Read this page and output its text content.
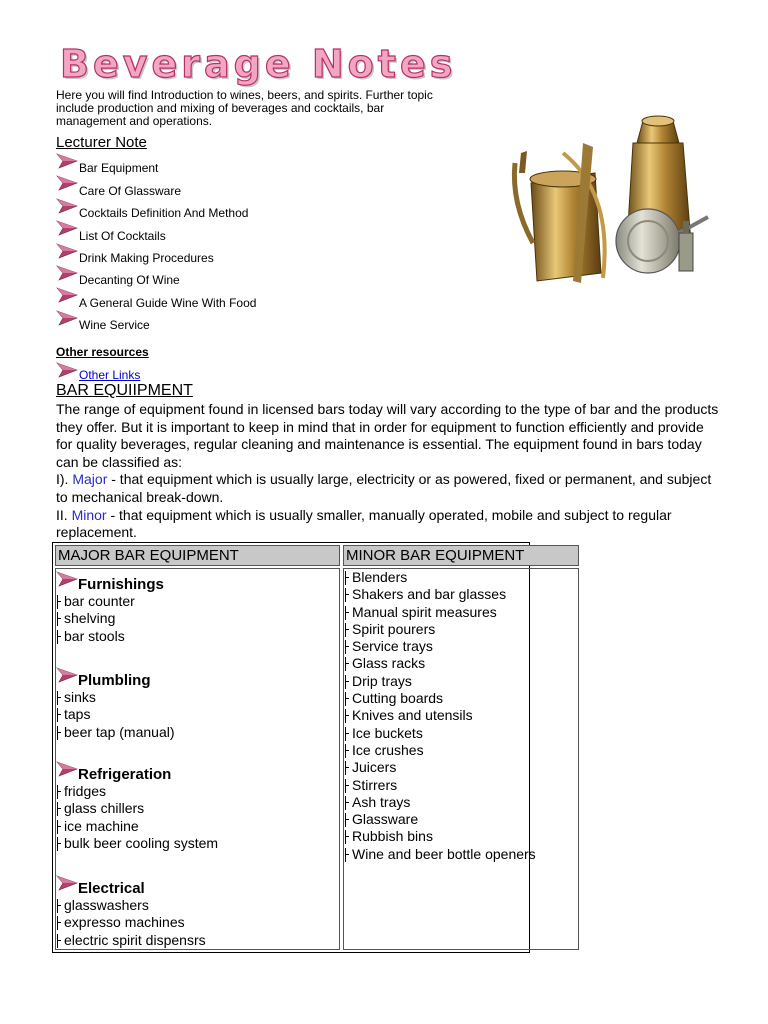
Beverage Notes

Here you will find Introduction to wines, beers, and spirits. Further topic include production and mixing of beverages and cocktails, bar management and operations.

Lecturer Note
Bar Equipment
Care Of Glassware
Cocktails Definition And Method
List Of Cocktails
Drink Making Procedures
Decanting Of Wine
A General Guide Wine With Food
Wine Service
Other resources
Other Links
BAR EQUIIPMENT
The range of equipment found in licensed bars today will vary according to the type of bar and the products they offer. But it is important to keep in mind that in order for equipment to function efficiently and provide for quality beverages, regular cleaning and maintenance is essential. The equipment found in bars today can be classified as:
I). Major - that equipment which is usually large, electricity or as powered, fixed or permanent, and subject to mechanical break-down.
II. Minor - that equipment which is usually smaller, manually operated, mobile and subject to regular replacement.
MAJOR BAR EQUIPMENT	MINOR BAR EQUIPMENT
Furnishings
bar counter
shelving
bar stools
Plumbling
sinks
taps
beer tap (manual)
Refrigeration
fridges
glass chillers
ice machine
bulk beer cooling system
Electrical
glasswashers
expresso machines
electric spirit dispensrs
Blenders
Shakers and bar glasses
Manual spirit measures
Spirit pourers
Service trays
Glass racks
Drip trays
Cutting boards
Knives and utensils
Ice buckets
Ice crushes
Juicers
Stirrers
Ash trays
Glassware
Rubbish bins
Wine and beer bottle openers
